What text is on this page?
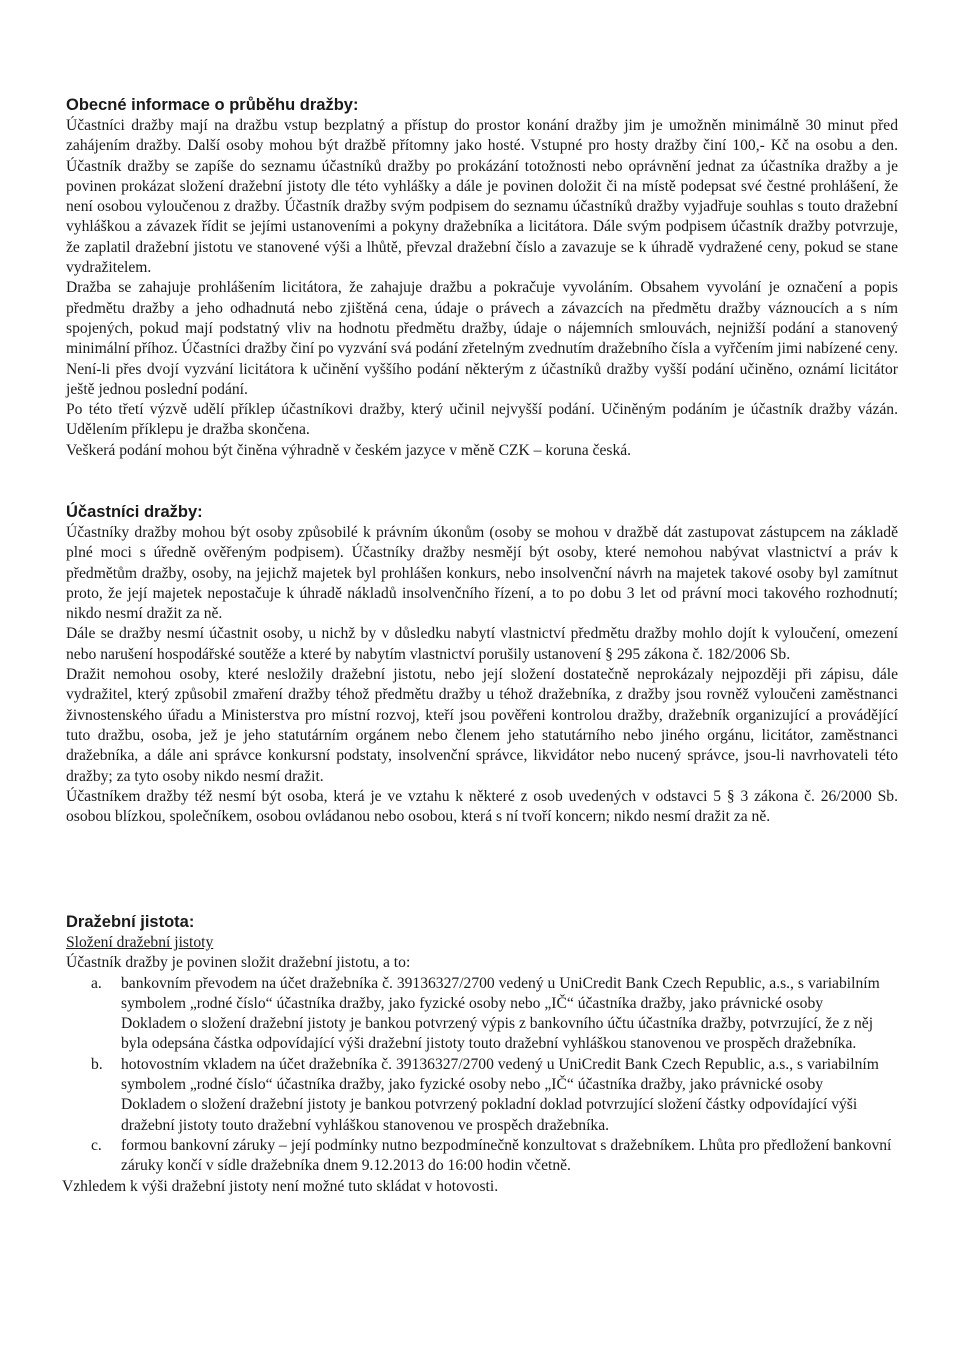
Obecné informace o průběhu dražby:

Účastníci dražby mají na dražbu vstup bezplatný a přístup do prostor konání dražby jim je umožněn minimálně 30 minut před zahájením dražby. Další osoby mohou být dražbě přítomny jako hosté. Vstupné pro hosty dražby činí 100,- Kč na osobu a den. Účastník dražby se zapíše do seznamu účastníků dražby po prokázání totožnosti nebo oprávnění jednat za účastníka dražby a je povinen prokázat složení dražební jistoty dle této vyhlášky a dále je povinen doložit či na místě podepsat své čestné prohlášení, že není osobou vyloučenou z dražby. Účastník dražby svým podpisem do seznamu účastníků dražby vyjadřuje souhlas s touto dražební vyhláškou a závazek řídit se jejími ustanoveními a pokyny dražebníka a licitátora. Dále svým podpisem účastník dražby potvrzuje, že zaplatil dražební jistotu ve stanovené výši a lhůtě, převzal dražební číslo a zavazuje se k úhradě vydražené ceny, pokud se stane vydražitelem.

Dražba se zahajuje prohlášením licitátora, že zahajuje dražbu a pokračuje vyvoláním. Obsahem vyvolání je označení a popis předmětu dražby a jeho odhadnutá nebo zjištěná cena, údaje o právech a závazcích na předmětu dražby váznoucích a s ním spojených, pokud mají podstatný vliv na hodnotu předmětu dražby, údaje o nájemních smlouvách, nejnižší podání a stanovený minimální příhoz. Účastníci dražby činí po vyzvání svá podání zřetelným zvednutím dražebního čísla a vyřčením jimi nabízené ceny. Není-li přes dvojí vyzvání licitátora k učinění vyššího podání některým z účastníků dražby vyšší podání učiněno, oznámí licitátor ještě jednou poslední podání.

Po této třetí výzvě udělí příklep účastníkovi dražby, který učinil nejvyšší podání. Učiněným podáním je účastník dražby vázán. Udělením příklepu je dražba skončena.

Veškerá podání mohou být činěna výhradně v českém jazyce v měně CZK – koruna česká.

Účastníci dražby:

Účastníky dražby mohou být osoby způsobilé k právním úkonům (osoby se mohou v dražbě dát zastupovat zástupcem na základě plné moci s úředně ověřeným podpisem). Účastníky dražby nesmějí být osoby, které nemohou nabývat vlastnictví a práv k předmětům dražby, osoby, na jejichž majetek byl prohlášen konkurs, nebo insolvenční návrh na majetek takové osoby byl zamítnut proto, že její majetek nepostačuje k úhradě nákladů insolvenčního řízení, a to po dobu 3 let od právní moci takového rozhodnutí; nikdo nesmí dražit za ně.

Dále se dražby nesmí účastnit osoby, u nichž by v důsledku nabytí vlastnictví předmětu dražby mohlo dojít k vyloučení, omezení nebo narušení hospodářské soutěže a které by nabytím vlastnictví porušily ustanovení § 295 zákona č. 182/2006 Sb.

Dražit nemohou osoby, které nesložily dražební jistotu, nebo její složení dostatečně neprokázaly nejpozději při zápisu, dále vydražitel, který způsobil zmaření dražby téhož předmětu dražby u téhož dražebníka, z dražby jsou rovněž vyloučeni zaměstnanci živnostenského úřadu a Ministerstva pro místní rozvoj, kteří jsou pověřeni kontrolou dražby, dražebník organizující a provádějící tuto dražbu, osoba, jež je jeho statutárním orgánem nebo členem jeho statutárního nebo jiného orgánu, licitátor, zaměstnanci dražebníka, a dále ani správce konkursní podstaty, insolvenční správce, likvidátor nebo nucený správce, jsou-li navrhovateli této dražby; za tyto osoby nikdo nesmí dražit.

Účastníkem dražby též nesmí být osoba, která je ve vztahu k některé z osob uvedených v odstavci 5 § 3 zákona č. 26/2000 Sb. osobou blízkou, společníkem, osobou ovládanou nebo osobou, která s ní tvoří koncern; nikdo nesmí dražit za ně.

Dražební jistota:

Složení dražební jistoty

Účastník dražby je povinen složit dražební jistotu, a to:

a. bankovním převodem na účet dražebníka č. 39136327/2700 vedený u UniCredit Bank Czech Republic, a.s., s variabilním symbolem „rodné číslo“ účastníka dražby, jako fyzické osoby nebo „IČ“ účastníka dražby, jako právnické osoby

Dokladem o složení dražební jistoty je bankou potvrzený výpis z bankovního účtu účastníka dražby, potvrzující, že z něj byla odepsána částka odpovídající výši dražební jistoty touto dražební vyhláškou stanovenou ve prospěch dražebníka.

b. hotovostním vkladem na účet dražebníka č. 39136327/2700 vedený u UniCredit Bank Czech Republic, a.s., s variabilním symbolem „rodné číslo“ účastníka dražby, jako fyzické osoby nebo „IČ“ účastníka dražby, jako právnické osoby

Dokladem o složení dražební jistoty je bankou potvrzený pokladní doklad potvrzující složení částky odpovídající výši dražební jistoty touto dražební vyhláškou stanovenou ve prospěch dražebníka.

c. formou bankovní záruky – její podmínky nutno bezpodmínečně konzultovat s dražebníkem. Lhůta pro předložení bankovní záruky končí v sídle dražebníka dnem 9.12.2013 do 16:00 hodin včetně.

Vzhledem k výši dražební jistoty není možné tuto skládat v hotovosti.
